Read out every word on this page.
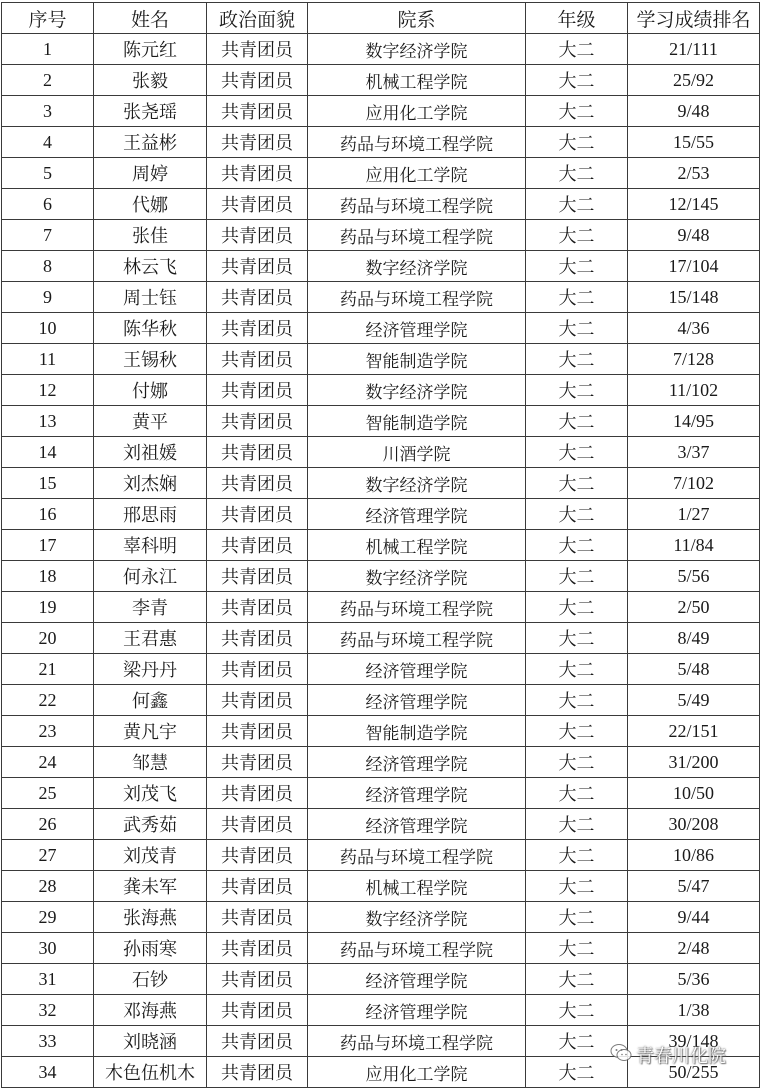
序号	姓名	政治面貌	院系	年级	学习成绩排名
1	陈元红	共青团员	数字经济学院	大二	21/111
2	张毅	共青团员	机械工程学院	大二	25/92
3	张尧瑶	共青团员	应用化工学院	大二	9/48
4	王益彬	共青团员	药品与环境工程学院	大二	15/55
5	周婷	共青团员	应用化工学院	大二	2/53
6	代娜	共青团员	药品与环境工程学院	大二	12/145
7	张佳	共青团员	药品与环境工程学院	大二	9/48
8	林云飞	共青团员	数字经济学院	大二	17/104
9	周士钰	共青团员	药品与环境工程学院	大二	15/148
10	陈华秋	共青团员	经济管理学院	大二	4/36
11	王锡秋	共青团员	智能制造学院	大二	7/128
12	付娜	共青团员	数字经济学院	大二	11/102
13	黄平	共青团员	智能制造学院	大二	14/95
14	刘祖媛	共青团员	川酒学院	大二	3/37
15	刘杰娴	共青团员	数字经济学院	大二	7/102
16	邢思雨	共青团员	经济管理学院	大二	1/27
17	辜科明	共青团员	机械工程学院	大二	11/84
18	何永江	共青团员	数字经济学院	大二	5/56
19	李青	共青团员	药品与环境工程学院	大二	2/50
20	王君惠	共青团员	药品与环境工程学院	大二	8/49
21	梁丹丹	共青团员	经济管理学院	大二	5/48
22	何鑫	共青团员	经济管理学院	大二	5/49
23	黄凡宇	共青团员	智能制造学院	大二	22/151
24	邹慧	共青团员	经济管理学院	大二	31/200
25	刘茂飞	共青团员	经济管理学院	大二	10/50
26	武秀茹	共青团员	经济管理学院	大二	30/208
27	刘茂青	共青团员	药品与环境工程学院	大二	10/86
28	龚未军	共青团员	机械工程学院	大二	5/47
29	张海燕	共青团员	数字经济学院	大二	9/44
30	孙雨寒	共青团员	药品与环境工程学院	大二	2/48
31	石钞	共青团员	经济管理学院	大二	5/36
32	邓海燕	共青团员	经济管理学院	大二	1/38
33	刘晓涵	共青团员	药品与环境工程学院	大二	39/148
34	木色伍机木	共青团员	应用化工学院	大二	50/255
青春川化院
